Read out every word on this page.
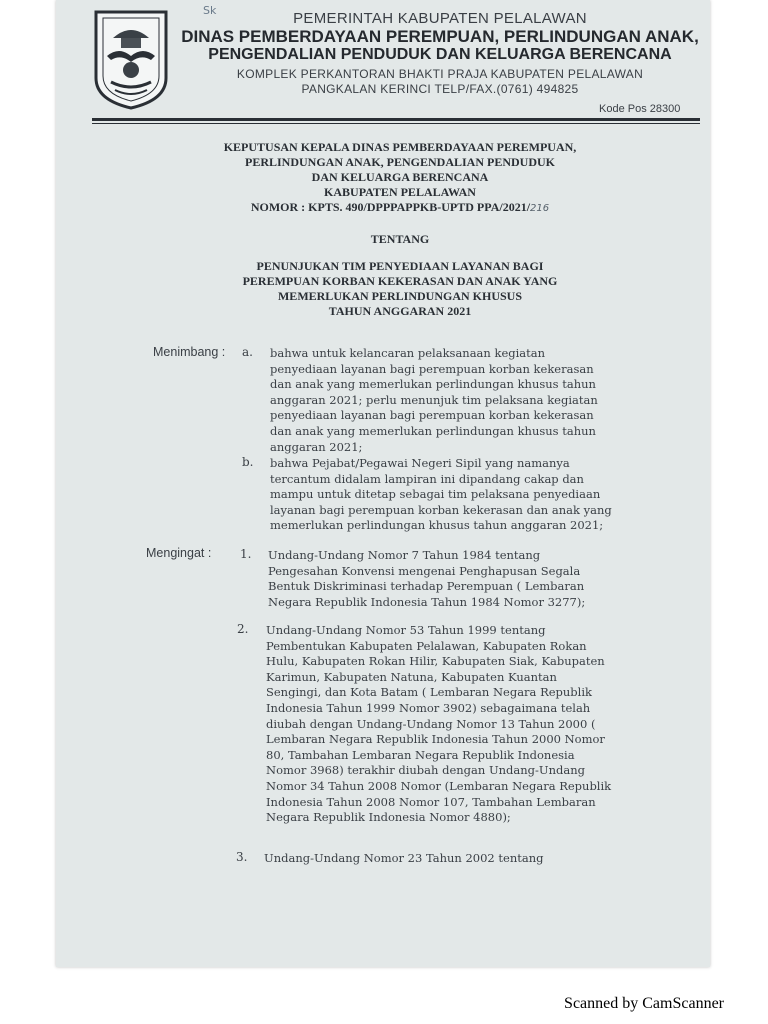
Sk	PEMERINTAH KABUPATEN PELALAWAN
DINAS PEMBERDAYAAN PEREMPUAN, PERLINDUNGAN ANAK,
PENGENDALIAN PENDUDUK DAN KELUARGA BERENCANA
KOMPLEK PERKANTORAN BHAKTI PRAJA KABUPATEN PELALAWAN
PANGKALAN KERINCI TELP/FAX.(0761) 494825
Kode Pos 28300
KEPUTUSAN KEPALA DINAS PEMBERDAYAAN PEREMPUAN,
PERLINDUNGAN ANAK, PENGENDALIAN PENDUDUK
DAN KELUARGA BERENCANA
KABUPATEN PELALAWAN
NOMOR : KPTS. 490/DPPPAPPKB-UPTD PPA/2021/216
TENTANG
PENUNJUKAN TIM PENYEDIAAN LAYANAN BAGI
PEREMPUAN KORBAN KEKERASAN DAN ANAK YANG
MEMERLUKAN PERLINDUNGAN KHUSUS
TAHUN ANGGARAN 2021
Menimbang : a. bahwa untuk kelancaran pelaksanaan kegiatan
penyediaan layanan bagi perempuan korban kekerasan
dan anak yang memerlukan perlindungan khusus tahun
anggaran 2021; perlu menunjuk tim pelaksana kegiatan
penyediaan layanan bagi perempuan korban kekerasan
dan anak yang memerlukan perlindungan khusus tahun
anggaran 2021;
b. bahwa Pejabat/Pegawai Negeri Sipil yang namanya
tercantum didalam lampiran ini dipandang cakap dan
mampu untuk ditetap sebagai tim pelaksana penyediaan
layanan bagi perempuan korban kekerasan dan anak yang
memerlukan perlindungan khusus tahun anggaran 2021;
Mengingat : 1. Undang-Undang Nomor 7 Tahun 1984 tentang
Pengesahan Konvensi mengenai Penghapusan Segala
Bentuk Diskriminasi terhadap Perempuan ( Lembaran
Negara Republik Indonesia Tahun 1984 Nomor 3277);
2. Undang-Undang Nomor 53 Tahun 1999 tentang
Pembentukan Kabupaten Pelalawan, Kabupaten Rokan
Hulu, Kabupaten Rokan Hilir, Kabupaten Siak, Kabupaten
Karimun, Kabupaten Natuna, Kabupaten Kuantan
Sengingi, dan Kota Batam ( Lembaran Negara Republik
Indonesia Tahun 1999 Nomor 3902) sebagaimana telah
diubah dengan Undang-Undang Nomor 13 Tahun 2000 (
Lembaran Negara Republik Indonesia Tahun 2000 Nomor
80, Tambahan Lembaran Negara Republik Indonesia
Nomor 3968) terakhir diubah dengan Undang-Undang
Nomor 34 Tahun 2008 Nomor (Lembaran Negara Republik
Indonesia Tahun 2008 Nomor 107, Tambahan Lembaran
Negara Republik Indonesia Nomor 4880);
3. Undang-Undang Nomor 23 Tahun 2002 tentang
Scanned by CamScanner
